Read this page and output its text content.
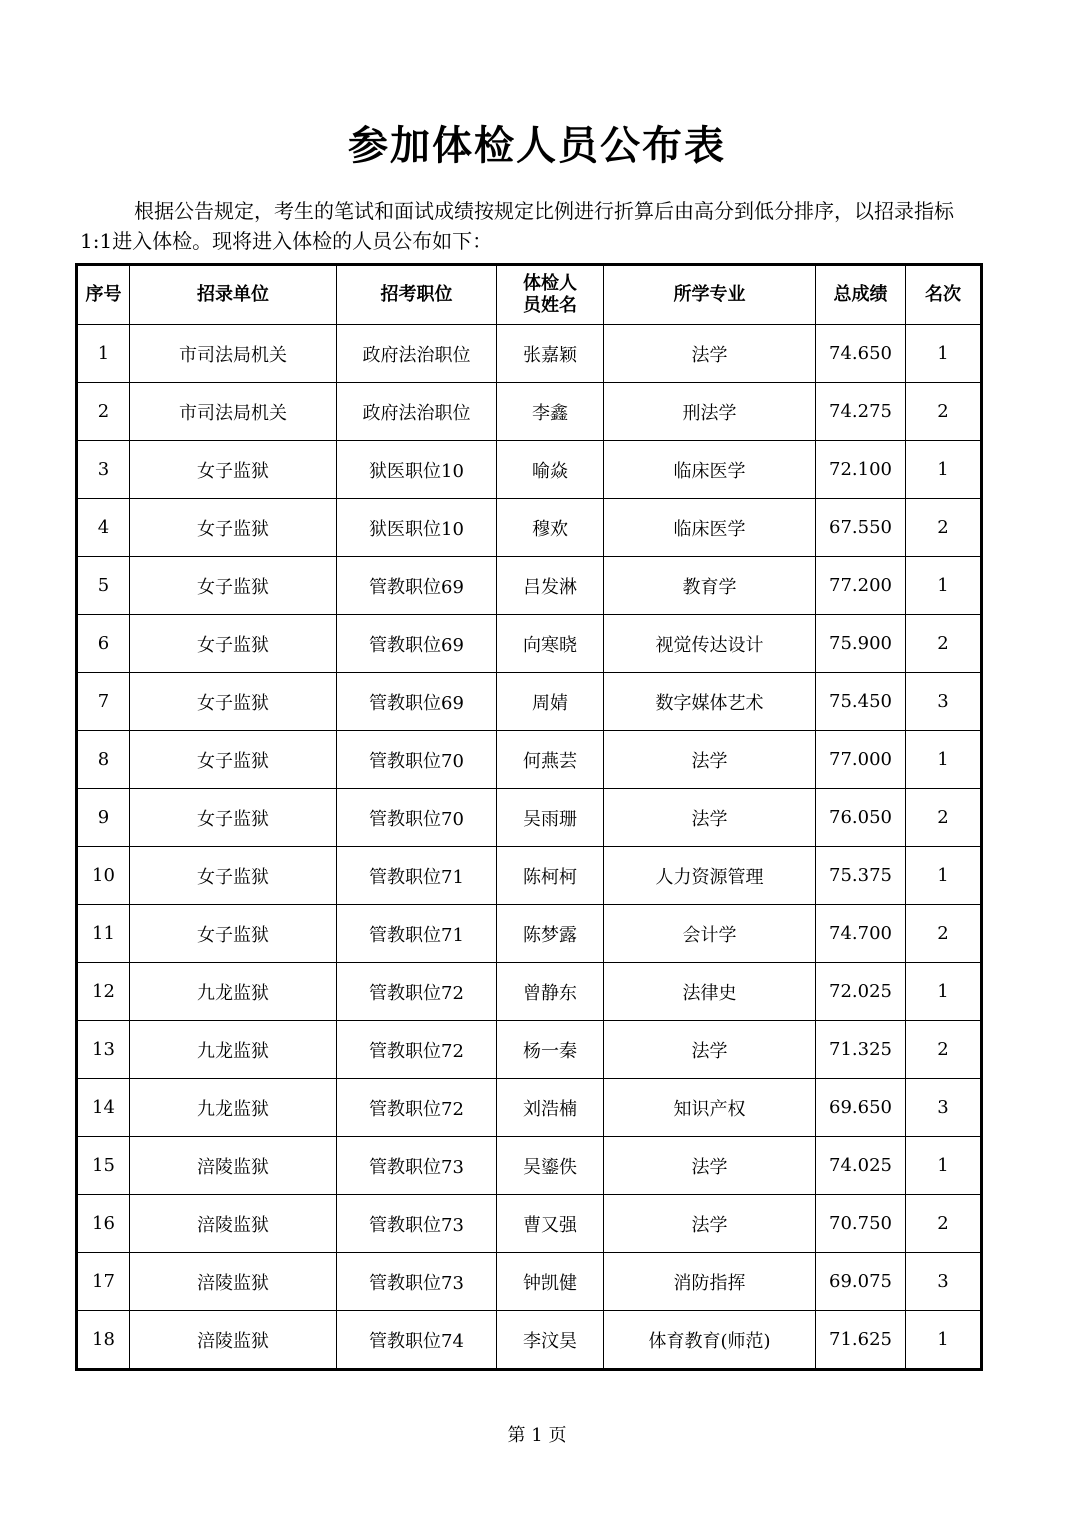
参加体检人员公布表
根据公告规定，考生的笔试和面试成绩按规定比例进行折算后由高分到低分排序，以招录指标1:1进入体检。现将进入体检的人员公布如下：
序号	招录单位	招考职位	体检人员姓名	所学专业	总成绩	名次
1	市司法局机关	政府法治职位	张嘉颖	法学	74.650	1
2	市司法局机关	政府法治职位	李鑫	刑法学	74.275	2
3	女子监狱	狱医职位10	喻焱	临床医学	72.100	1
4	女子监狱	狱医职位10	穆欢	临床医学	67.550	2
5	女子监狱	管教职位69	吕发淋	教育学	77.200	1
6	女子监狱	管教职位69	向寒晓	视觉传达设计	75.900	2
7	女子监狱	管教职位69	周婧	数字媒体艺术	75.450	3
8	女子监狱	管教职位70	何燕芸	法学	77.000	1
9	女子监狱	管教职位70	吴雨珊	法学	76.050	2
10	女子监狱	管教职位71	陈柯柯	人力资源管理	75.375	1
11	女子监狱	管教职位71	陈梦露	会计学	74.700	2
12	九龙监狱	管教职位72	曾静东	法律史	72.025	1
13	九龙监狱	管教职位72	杨一秦	法学	71.325	2
14	九龙监狱	管教职位72	刘浩楠	知识产权	69.650	3
15	涪陵监狱	管教职位73	吴鎏佚	法学	74.025	1
16	涪陵监狱	管教职位73	曹又强	法学	70.750	2
17	涪陵监狱	管教职位73	钟凯健	消防指挥	69.075	3
18	涪陵监狱	管教职位74	李汶昊	体育教育(师范)	71.625	1
第 1 页
